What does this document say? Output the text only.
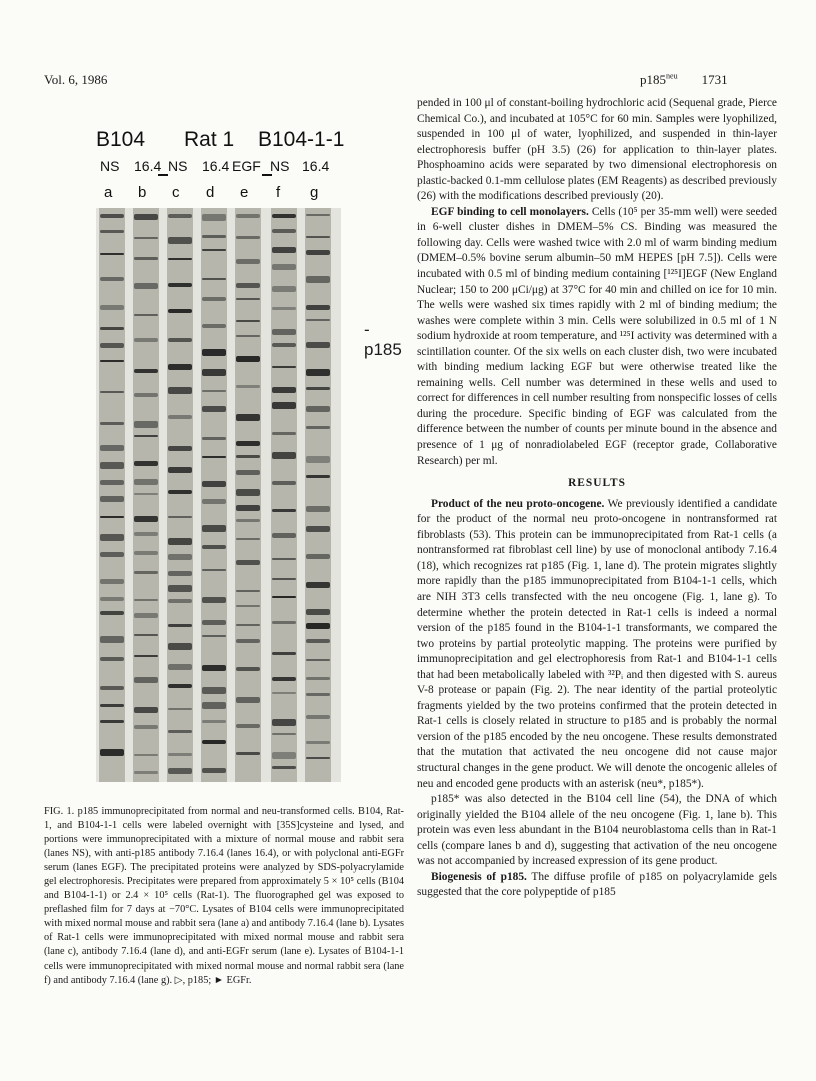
Vol. 6, 1986	$p185^{neu}$ 1731
B104 Rat 1 B104-1-1
NS 16.4 NS 16.4 EGF NS 16.4
a b c d e f g
-p185

FIG. 1. p185 immunoprecipitated from normal and neu-transformed cells. B104, Rat-1, and B104-1-1 cells were labeled overnight with [35S]cysteine and lysed, and portions were immunoprecipitated with a mixture of normal mouse and rabbit sera (lanes NS), with anti-p185 antibody 7.16.4 (lanes 16.4), or with polyclonal anti-EGFr serum (lanes EGF). The precipitated proteins were analyzed by SDS-polyacrylamide gel electrophoresis. Precipitates were prepared from approximately 5 × 10⁵ cells (B104 and B104-1-1) or 2.4 × 10⁵ cells (Rat-1). The fluorographed gel was exposed to preflashed film for 7 days at −70°C. Lysates of B104 cells were immunoprecipitated with mixed normal mouse and rabbit sera (lane a) and antibody 7.16.4 (lane b). Lysates of Rat-1 cells were immunoprecipitated with mixed normal mouse and rabbit sera (lane c), antibody 7.16.4 (lane d), and anti-EGFr serum (lane e). Lysates of B104-1-1 cells were immunoprecipitated with mixed normal mouse and normal rabbit sera (lane f) and antibody 7.16.4 (lane g). ▷, p185; ► EGFr.

pended in 100 μl of constant-boiling hydrochloric acid (Sequenal grade, Pierce Chemical Co.), and incubated at 105°C for 60 min. Samples were lyophilized, suspended in 100 μl of water, lyophilized, and suspended in thin-layer electrophoresis buffer (pH 3.5) (26) for application to thin-layer plates. Phosphoamino acids were separated by two dimensional electrophoresis on plastic-backed 0.1-mm cellulose plates (EM Reagents) as described previously (26) with the modifications described previously (20).

EGF binding to cell monolayers. Cells (10⁵ per 35-mm well) were seeded in 6-well cluster dishes in DMEM–5% CS. Binding was measured the following day. Cells were washed twice with 2.0 ml of warm binding medium (DMEM–0.5% bovine serum albumin–50 mM HEPES [pH 7.5]). Cells were incubated with 0.5 ml of binding medium containing [¹²⁵I]EGF (New England Nuclear; 150 to 200 μCi/μg) at 37°C for 40 min and chilled on ice for 10 min. The wells were washed six times rapidly with 2 ml of binding medium; the washes were complete within 3 min. Cells were solubilized in 0.5 ml of 1 N sodium hydroxide at room temperature, and ¹²⁵I activity was determined with a scintillation counter. Of the six wells on each cluster dish, two were incubated with binding medium lacking EGF but were otherwise treated like the remaining wells. Cell number was determined in these wells and used to correct for differences in cell number resulting from nonspecific losses of cells during the procedure. Specific binding of EGF was calculated from the difference between the number of counts per minute bound in the absence and presence of 1 μg of nonradiolabeled EGF (receptor grade, Collaborative Research) per ml.

RESULTS

Product of the neu proto-oncogene. We previously identified a candidate for the product of the normal neu proto-oncogene in nontransformed rat fibroblasts (53). This protein can be immunoprecipitated from Rat-1 cells (a nontransformed rat fibroblast cell line) by use of monoclonal antibody 7.16.4 (18), which recognizes rat p185 (Fig. 1, lane d). The protein migrates slightly more rapidly than the p185 immunoprecipitated from B104-1-1 cells, which are NIH 3T3 cells transfected with the neu oncogene (Fig. 1, lane g). To determine whether the protein detected in Rat-1 cells is indeed a normal version of the p185 found in the B104-1-1 transformants, we compared the two proteins by partial proteolytic mapping. The proteins were purified by immunoprecipitation and gel electrophoresis from Rat-1 and B104-1-1 cells that had been metabolically labeled with ³²Pᵢ and then digested with S. aureus V-8 protease or papain (Fig. 2). The near identity of the partial proteolytic fragments yielded by the two proteins confirmed that the protein detected in Rat-1 cells is closely related in structure to p185 and is probably the normal version of the p185 encoded by the neu oncogene. These results demonstrated that the mutation that activated the neu oncogene did not cause major structural changes in the gene product. We will denote the oncogenic alleles of neu and encoded gene products with an asterisk (neu*, p185*).

p185* was also detected in the B104 cell line (54), the DNA of which originally yielded the B104 allele of the neu oncogene (Fig. 1, lane b). This protein was even less abundant in the B104 neuroblastoma cells than in Rat-1 cells (compare lanes b and d), suggesting that activation of the neu oncogene was not accompanied by increased expression of its gene product.

Biogenesis of p185. The diffuse profile of p185 on polyacrylamide gels suggested that the core polypeptide of p185
